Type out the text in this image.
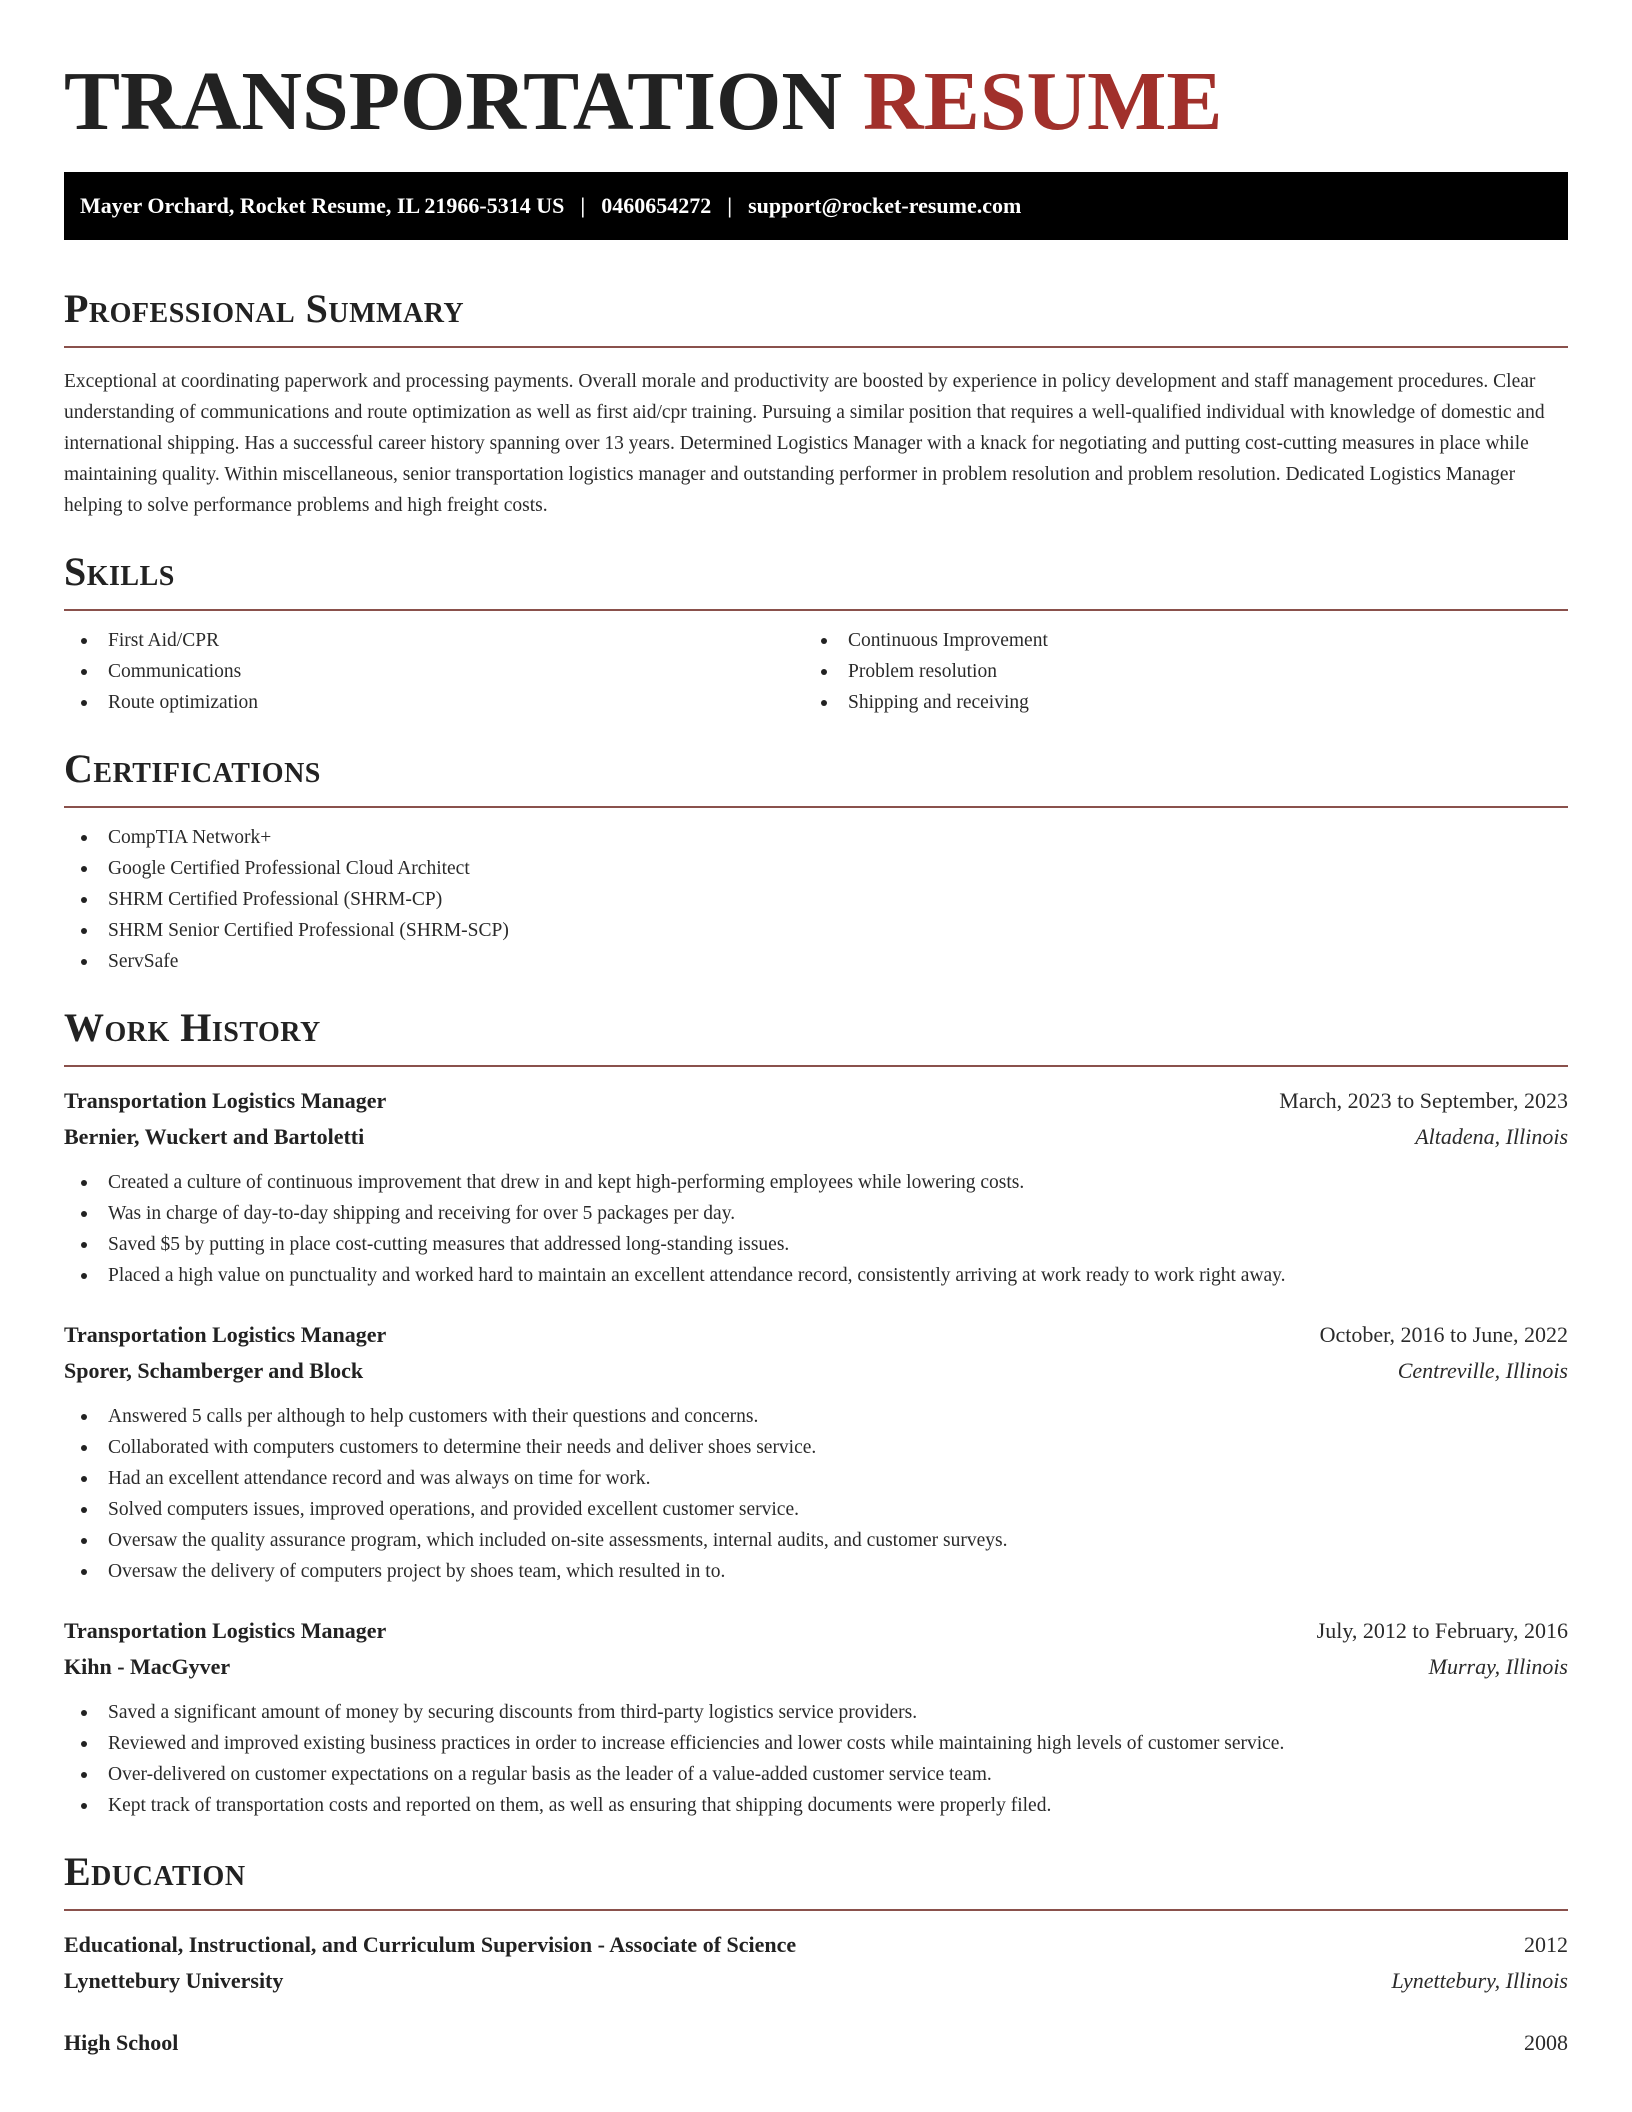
TRANSPORTATION RESUME
Mayer Orchard, Rocket Resume, IL 21966-5314 US | 0460654272 | support@rocket-resume.com
Professional Summary

Exceptional at coordinating paperwork and processing payments. Overall morale and productivity are boosted by experience in policy development and staff management procedures. Clear understanding of communications and route optimization as well as first aid/cpr training. Pursuing a similar position that requires a well-qualified individual with knowledge of domestic and international shipping. Has a successful career history spanning over 13 years. Determined Logistics Manager with a knack for negotiating and putting cost-cutting measures in place while maintaining quality. Within miscellaneous, senior transportation logistics manager and outstanding performer in problem resolution and problem resolution. Dedicated Logistics Manager helping to solve performance problems and high freight costs.

Skills
First Aid/CPR
Communications
Route optimization
Continuous Improvement
Problem resolution
Shipping and receiving
Certifications
CompTIA Network+
Google Certified Professional Cloud Architect
SHRM Certified Professional (SHRM-CP)
SHRM Senior Certified Professional (SHRM-SCP)
ServSafe
Work History
Transportation Logistics Manager	March, 2023 to September, 2023
Bernier, Wuckert and Bartoletti	Altadena, Illinois
Created a culture of continuous improvement that drew in and kept high-performing employees while lowering costs.
Was in charge of day-to-day shipping and receiving for over 5 packages per day.
Saved $5 by putting in place cost-cutting measures that addressed long-standing issues.
Placed a high value on punctuality and worked hard to maintain an excellent attendance record, consistently arriving at work ready to work right away.
Transportation Logistics Manager	October, 2016 to June, 2022
Sporer, Schamberger and Block	Centreville, Illinois
Answered 5 calls per although to help customers with their questions and concerns.
Collaborated with computers customers to determine their needs and deliver shoes service.
Had an excellent attendance record and was always on time for work.
Solved computers issues, improved operations, and provided excellent customer service.
Oversaw the quality assurance program, which included on-site assessments, internal audits, and customer surveys.
Oversaw the delivery of computers project by shoes team, which resulted in to.
Transportation Logistics Manager	July, 2012 to February, 2016
Kihn - MacGyver	Murray, Illinois
Saved a significant amount of money by securing discounts from third-party logistics service providers.
Reviewed and improved existing business practices in order to increase efficiencies and lower costs while maintaining high levels of customer service.
Over-delivered on customer expectations on a regular basis as the leader of a value-added customer service team.
Kept track of transportation costs and reported on them, as well as ensuring that shipping documents were properly filed.
Education
Educational, Instructional, and Curriculum Supervision - Associate of Science	2012
Lynettebury University	Lynettebury, Illinois
High School	2008
